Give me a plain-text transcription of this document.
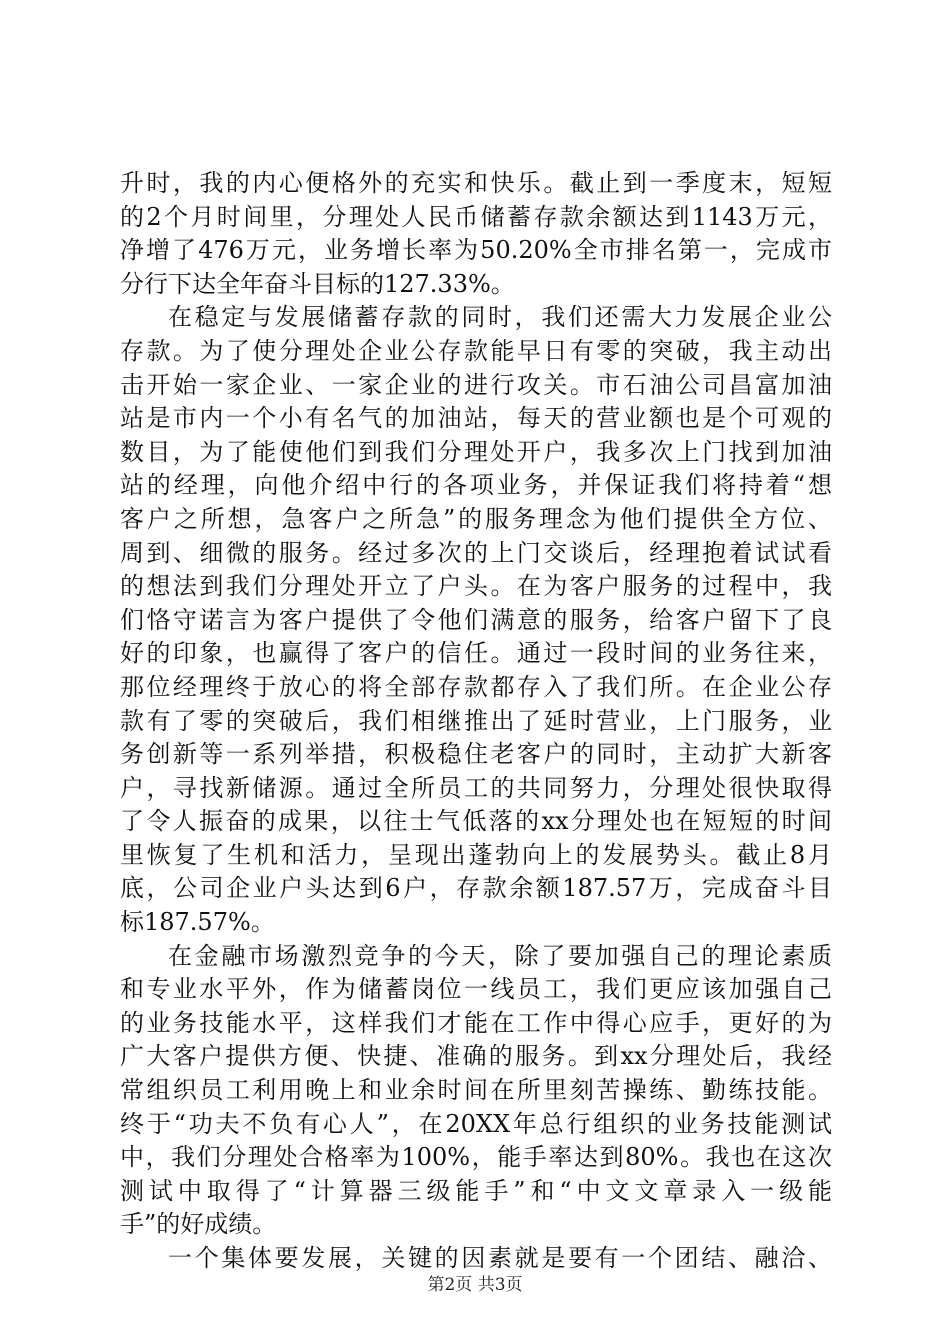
升时，我的内心便格外的充实和快乐。截止到一季度末，短短
的2个月时间里，分理处人民币储蓄存款余额达到1143万元，
净增了476万元，业务增长率为50.20%全市排名第一，完成市
分行下达全年奋斗目标的127.33%。
在稳定与发展储蓄存款的同时，我们还需大力发展企业公
存款。为了使分理处企业公存款能早日有零的突破，我主动出
击开始一家企业、一家企业的进行攻关。市石油公司昌富加油
站是市内一个小有名气的加油站，每天的营业额也是个可观的
数目，为了能使他们到我们分理处开户，我多次上门找到加油
站的经理，向他介绍中行的各项业务，并保证我们将持着“想
客户之所想，急客户之所急”的服务理念为他们提供全方位、
周到、细微的服务。经过多次的上门交谈后，经理抱着试试看
的想法到我们分理处开立了户头。在为客户服务的过程中，我
们恪守诺言为客户提供了令他们满意的服务，给客户留下了良
好的印象，也赢得了客户的信任。通过一段时间的业务往来，
那位经理终于放心的将全部存款都存入了我们所。在企业公存
款有了零的突破后，我们相继推出了延时营业，上门服务，业
务创新等一系列举措，积极稳住老客户的同时，主动扩大新客
户，寻找新储源。通过全所员工的共同努力，分理处很快取得
了令人振奋的成果，以往士气低落的xx分理处也在短短的时间
里恢复了生机和活力，呈现出蓬勃向上的发展势头。截止8月
底，公司企业户头达到6户，存款余额187.57万，完成奋斗目
标187.57%。
在金融市场激烈竞争的今天，除了要加强自己的理论素质
和专业水平外，作为储蓄岗位一线员工，我们更应该加强自己
的业务技能水平，这样我们才能在工作中得心应手，更好的为
广大客户提供方便、快捷、准确的服务。到xx分理处后，我经
常组织员工利用晚上和业余时间在所里刻苦操练、勤练技能。
终于“功夫不负有心人”，在20XX年总行组织的业务技能测试
中，我们分理处合格率为100%，能手率达到80%。我也在这次
测试中取得了“计算器三级能手”和“中文文章录入一级能
手”的好成绩。
一个集体要发展，关键的因素就是要有一个团结、融洽、
第2页 共3页
